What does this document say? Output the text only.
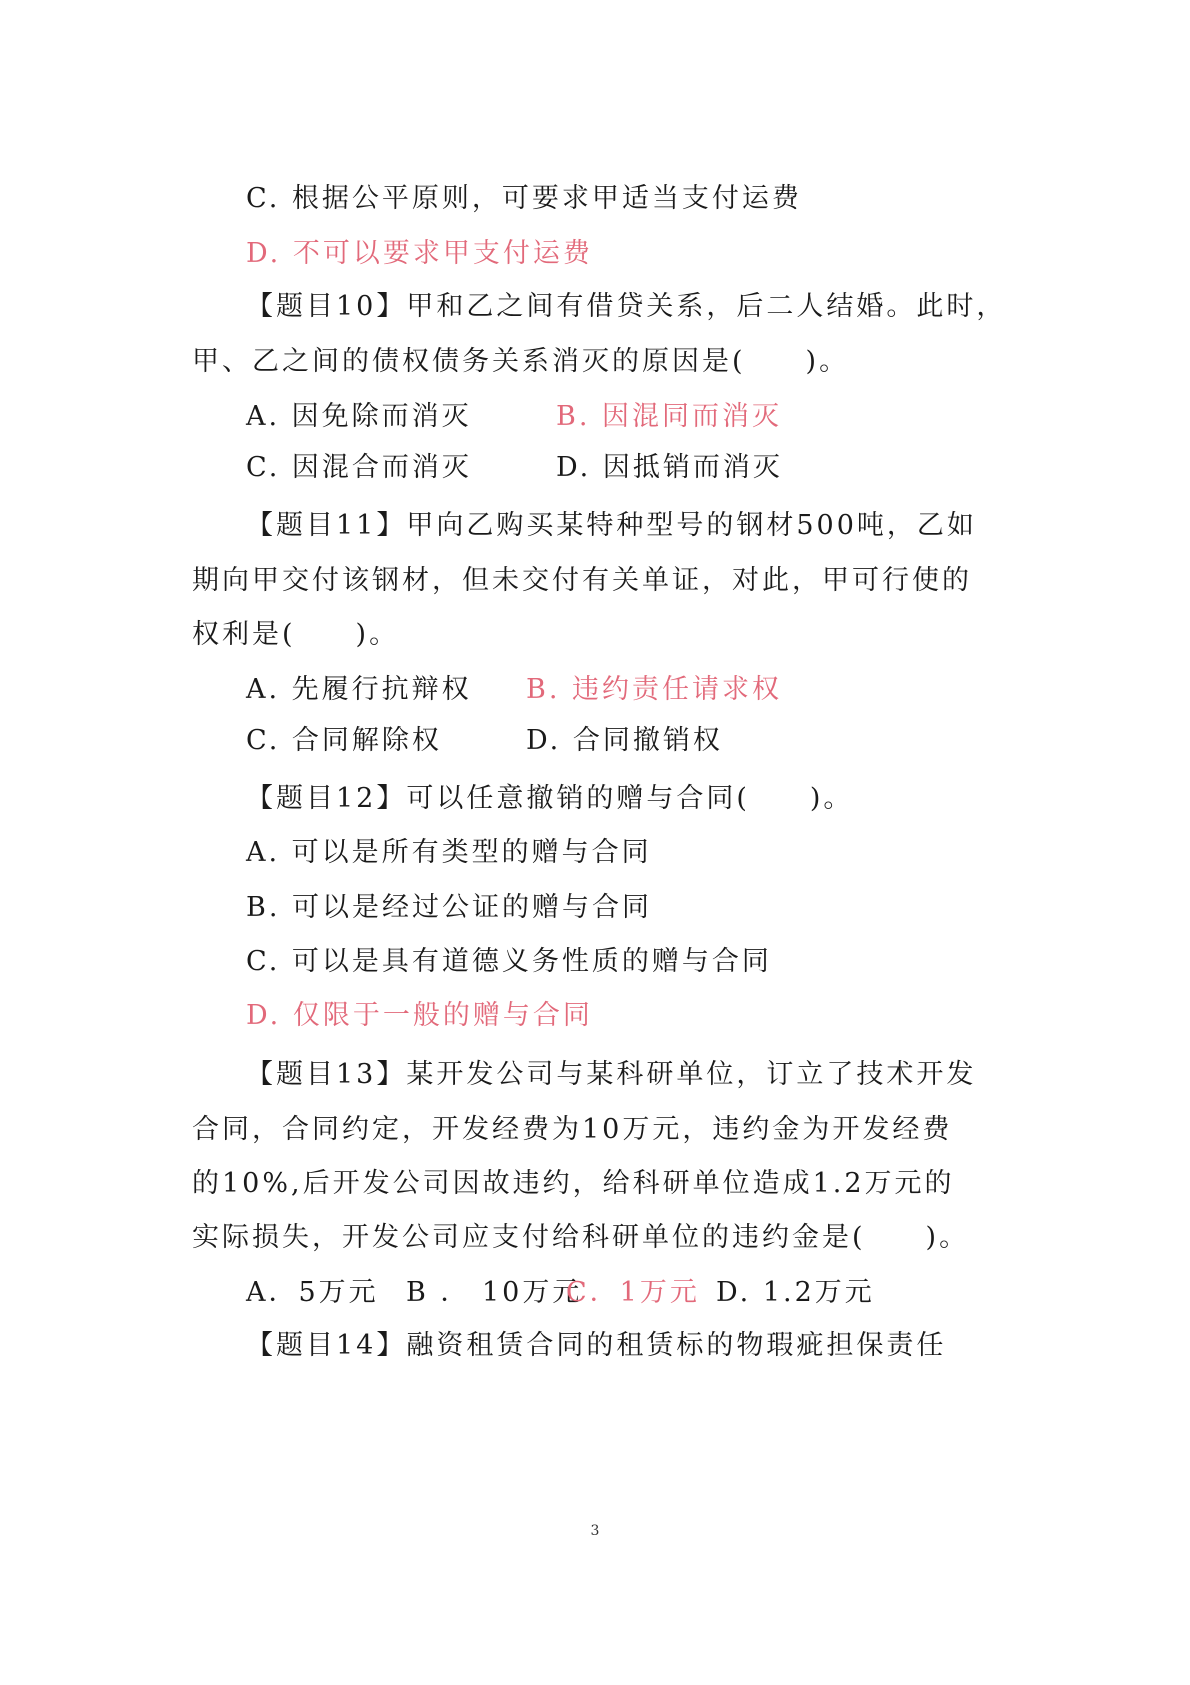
C. 根据公平原则，可要求甲适当支付运费
D. 不可以要求甲支付运费
【题目10】甲和乙之间有借贷关系，后二人结婚。此时，
甲、乙之间的债权债务关系消灭的原因是(　　)。
A. 因免除而消灭	B. 因混同而消灭
C. 因混合而消灭	D. 因抵销而消灭
【题目11】甲向乙购买某特种型号的钢材500吨，乙如
期向甲交付该钢材，但未交付有关单证，对此，甲可行使的
权利是(　　)。
A. 先履行抗辩权 B. 违约责任请求权
C. 合同解除权	D. 合同撤销权
【题目12】可以任意撤销的赠与合同(　　)。
A. 可以是所有类型的赠与合同
B. 可以是经过公证的赠与合同
C. 可以是具有道德义务性质的赠与合同
D. 仅限于一般的赠与合同
【题目13】某开发公司与某科研单位，订立了技术开发
合同，合同约定，开发经费为10万元，违约金为开发经费
的10%,后开发公司因故违约，给科研单位造成1.2万元的
实际损失，开发公司应支付给科研单位的违约金是(　　)。
A．5万元 B ． 10万元
C．1万元 D. 1.2万元
【题目14】融资租赁合同的租赁标的物瑕疵担保责任
3
